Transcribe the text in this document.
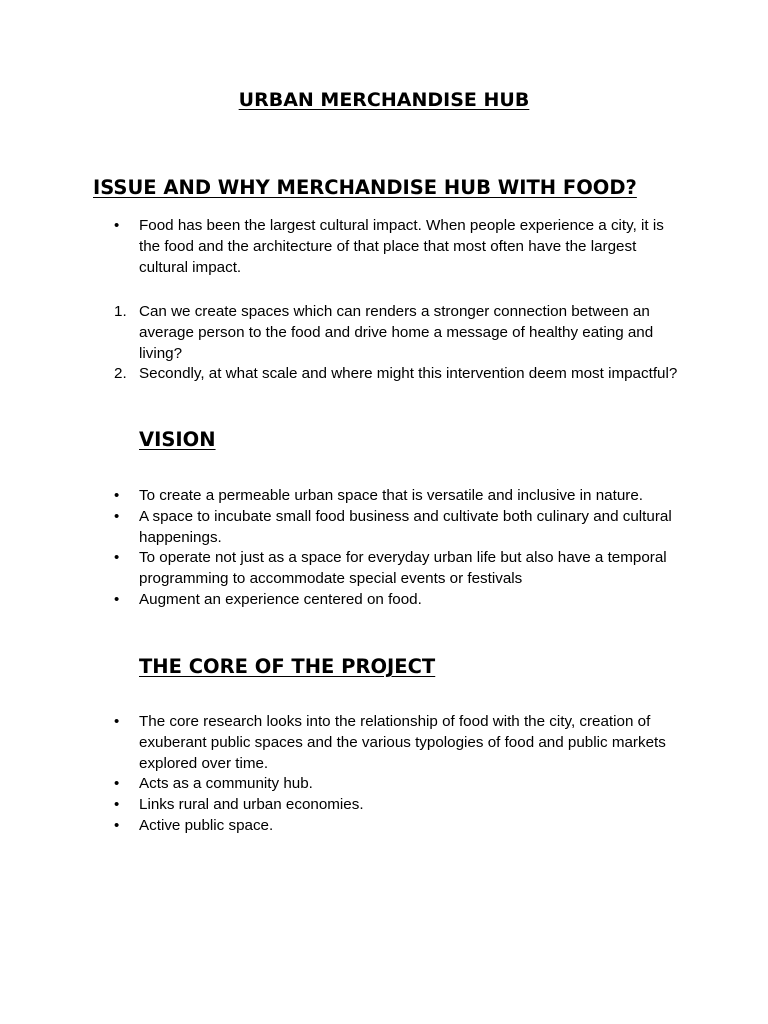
URBAN MERCHANDISE HUB
ISSUE AND WHY MERCHANDISE HUB WITH FOOD?
• Food has been the largest cultural impact. When people experience a city, it is the food and the architecture of that place that most often have the largest cultural impact.
1. Can we create spaces which can renders a stronger connection between an average person to the food and drive home a message of healthy eating and living?
2. Secondly, at what scale and where might this intervention deem most impactful?
VISION
• To create a permeable urban space that is versatile and inclusive in nature.
• A space to incubate small food business and cultivate both culinary and cultural happenings.
• To operate not just as a space for everyday urban life but also have a temporal programming to accommodate special events or festivals
• Augment an experience centered on food.
THE CORE OF THE PROJECT
• The core research looks into the relationship of food with the city, creation of exuberant public spaces and the various typologies of food and public markets explored over time.
• Acts as a community hub.
• Links rural and urban economies.
• Active public space.
